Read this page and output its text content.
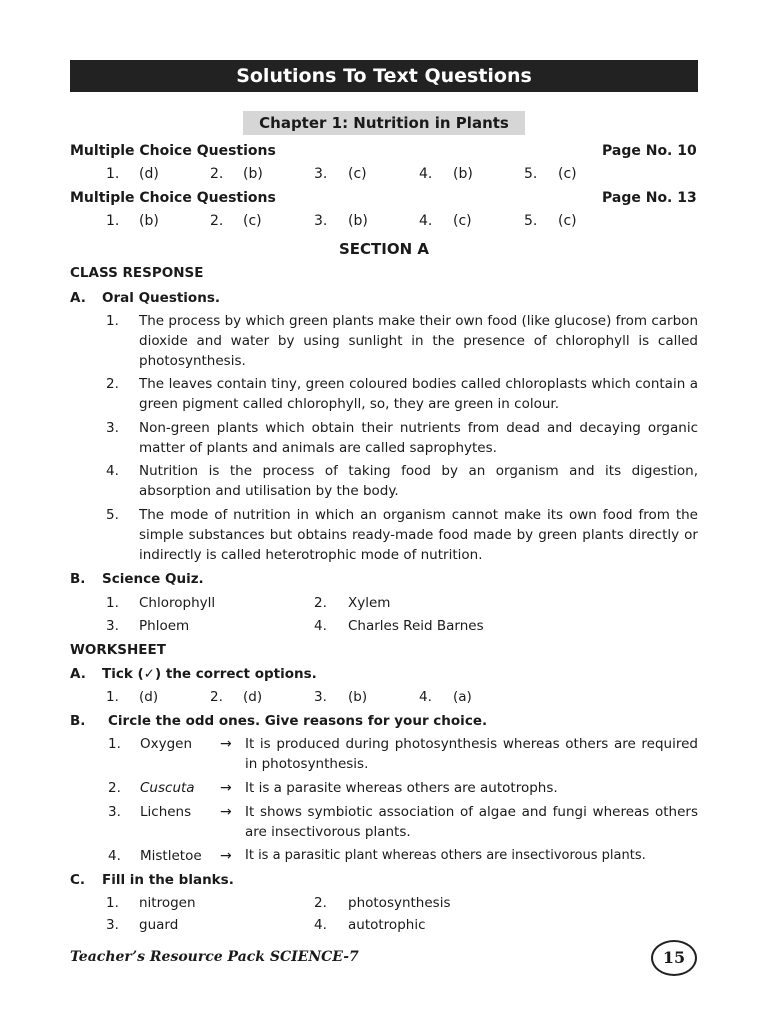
Solutions To Text Questions
Chapter 1: Nutrition in Plants
Multiple Choice Questions	Page No. 10
1. (d)	2. (b)	3. (c)	4. (b)	5. (c)
Multiple Choice Questions	Page No. 13
1. (b)	2. (c)	3. (b)	4. (c)	5. (c)
SECTION A
CLASS RESPONSE
A. Oral Questions.
1. The process by which green plants make their own food (like glucose) from carbon dioxide and water by using sunlight in the presence of chlorophyll is called photosynthesis.
2. The leaves contain tiny, green coloured bodies called chloroplasts which contain a green pigment called chlorophyll, so, they are green in colour.
3. Non-green plants which obtain their nutrients from dead and decaying organic matter of plants and animals are called saprophytes.
4. Nutrition is the process of taking food by an organism and its digestion, absorption and utilisation by the body.
5. The mode of nutrition in which an organism cannot make its own food from the simple substances but obtains ready-made food made by green plants directly or indirectly is called heterotrophic mode of nutrition.
B. Science Quiz.
1. Chlorophyll	2. Xylem
3. Phloem	4. Charles Reid Barnes
WORKSHEET
A. Tick (✓) the correct options.
1. (d)	2. (d)	3. (b)	4. (a)
B. Circle the odd ones. Give reasons for your choice.
1. Oxygen → It is produced during photosynthesis whereas others are required in photosynthesis.
2. Cuscuta → It is a parasite whereas others are autotrophs.
3. Lichens → It shows symbiotic association of algae and fungi whereas others are insectivorous plants.
4. Mistletoe → It is a parasitic plant whereas others are insectivorous plants.
C. Fill in the blanks.
1. nitrogen	2. photosynthesis
3. guard	4. autotrophic
Teacher’s Resource Pack SCIENCE-7	15
